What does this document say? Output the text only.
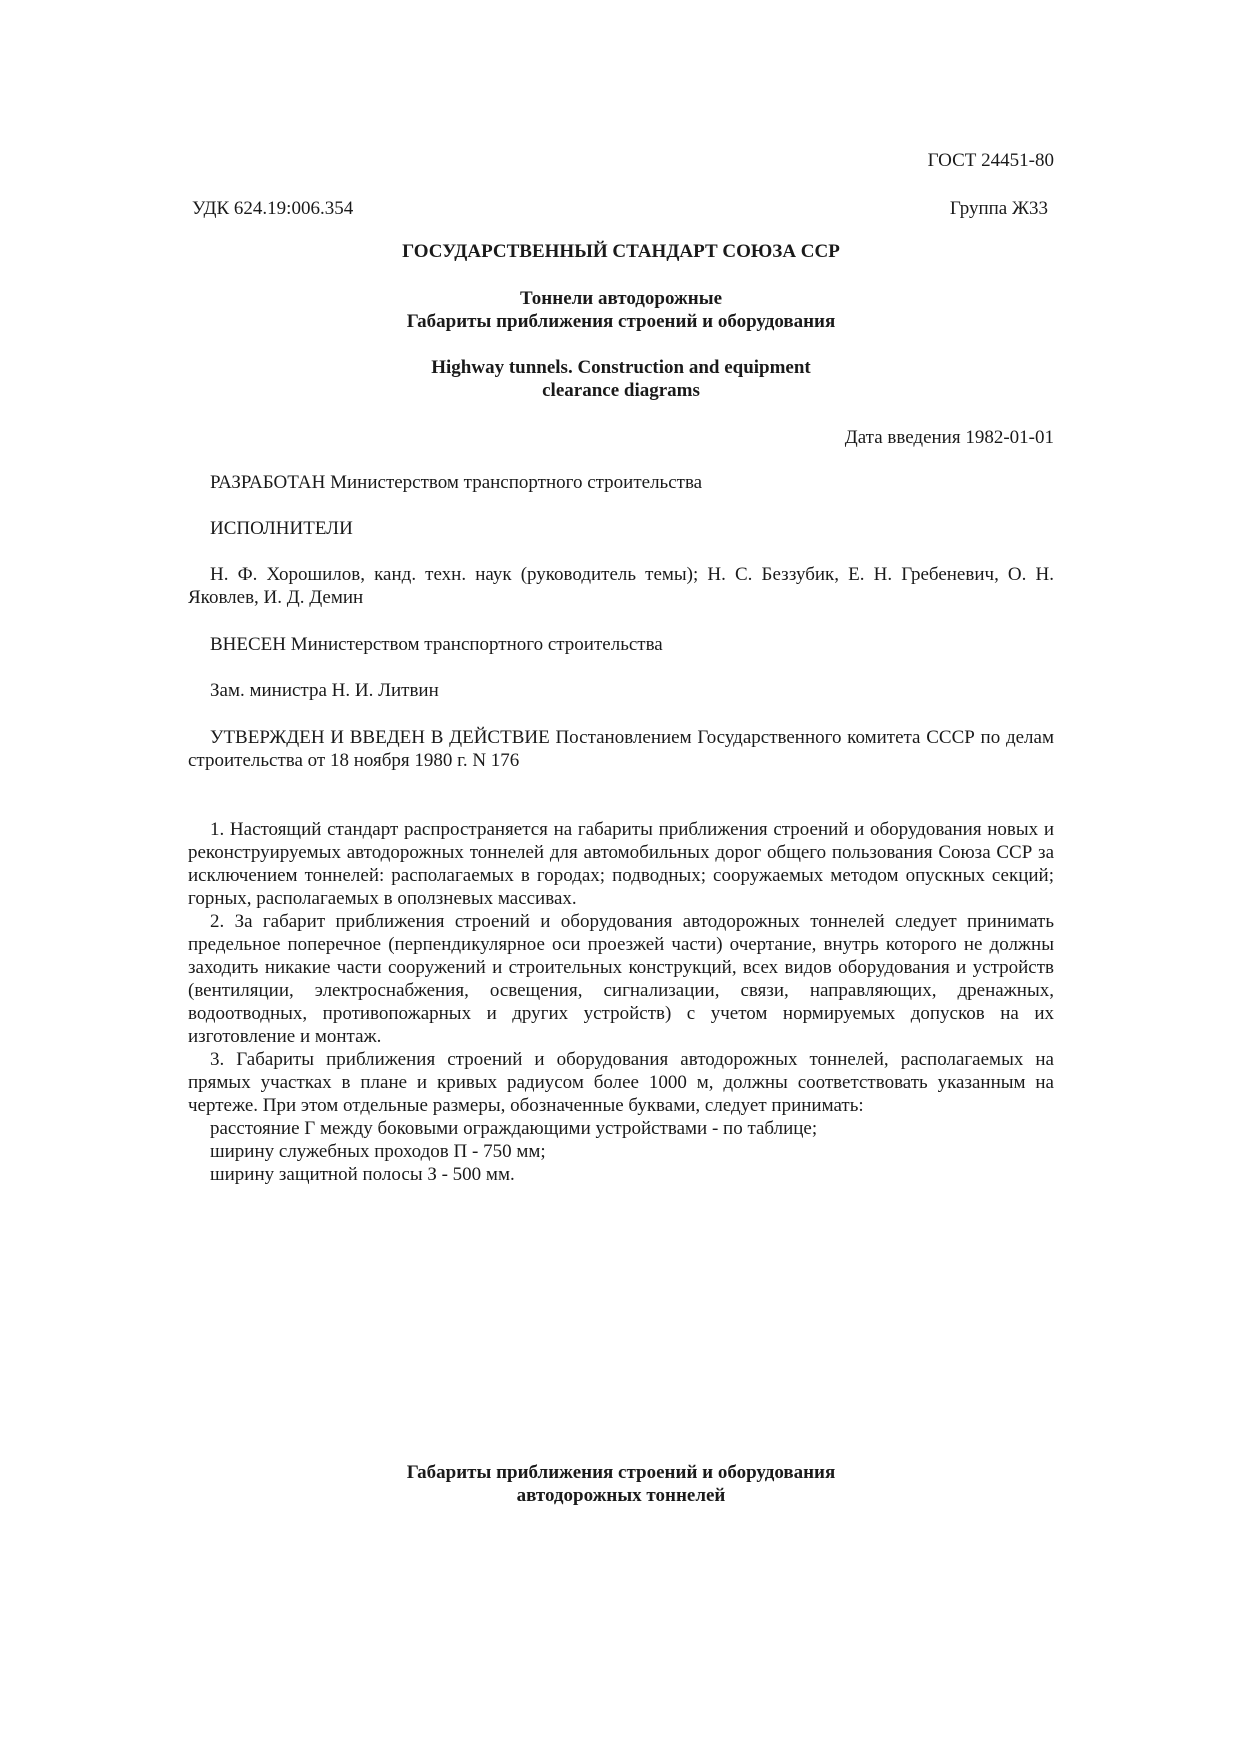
ГОСТ 24451-80
УДК 624.19:006.354	Группа Ж33
ГОСУДАРСТВЕННЫЙ СТАНДАРТ СОЮЗА ССР
Тоннели автодорожные
Габариты приближения строений и оборудования
Highway tunnels. Construction and equipment
clearance diagrams
Дата введения 1982-01-01

РАЗРАБОТАН Министерством транспортного строительства

ИСПОЛНИТЕЛИ

Н. Ф. Хорошилов, канд. техн. наук (руководитель темы); Н. С. Беззубик, Е. Н. Гребеневич, О. Н. Яковлев, И. Д. Демин

ВНЕСЕН Министерством транспортного строительства

Зам. министра Н. И. Литвин

УТВЕРЖДЕН И ВВЕДЕН В ДЕЙСТВИЕ Постановлением Государственного комитета СССР по делам строительства от 18 ноября 1980 г. N 176

1. Настоящий стандарт распространяется на габариты приближения строений и оборудования новых и реконструируемых автодорожных тоннелей для автомобильных дорог общего пользования Союза ССР за исключением тоннелей: располагаемых в городах; подводных; сооружаемых методом опускных секций; горных, располагаемых в оползневых массивах.

2. За габарит приближения строений и оборудования автодорожных тоннелей следует принимать предельное поперечное (перпендикулярное оси проезжей части) очертание, внутрь которого не должны заходить никакие части сооружений и строительных конструкций, всех видов оборудования и устройств (вентиляции, электроснабжения, освещения, сигнализации, связи, направляющих, дренажных, водоотводных, противопожарных и других устройств) с учетом нормируемых допусков на их изготовление и монтаж.

3. Габариты приближения строений и оборудования автодорожных тоннелей, располагаемых на прямых участках в плане и кривых радиусом более 1000 м, должны соответствовать указанным на чертеже. При этом отдельные размеры, обозначенные буквами, следует принимать:

расстояние Г между боковыми ограждающими устройствами - по таблице;

ширину служебных проходов П - 750 мм;

ширину защитной полосы З - 500 мм.

Габариты приближения строений и оборудования
автодорожных тоннелей
